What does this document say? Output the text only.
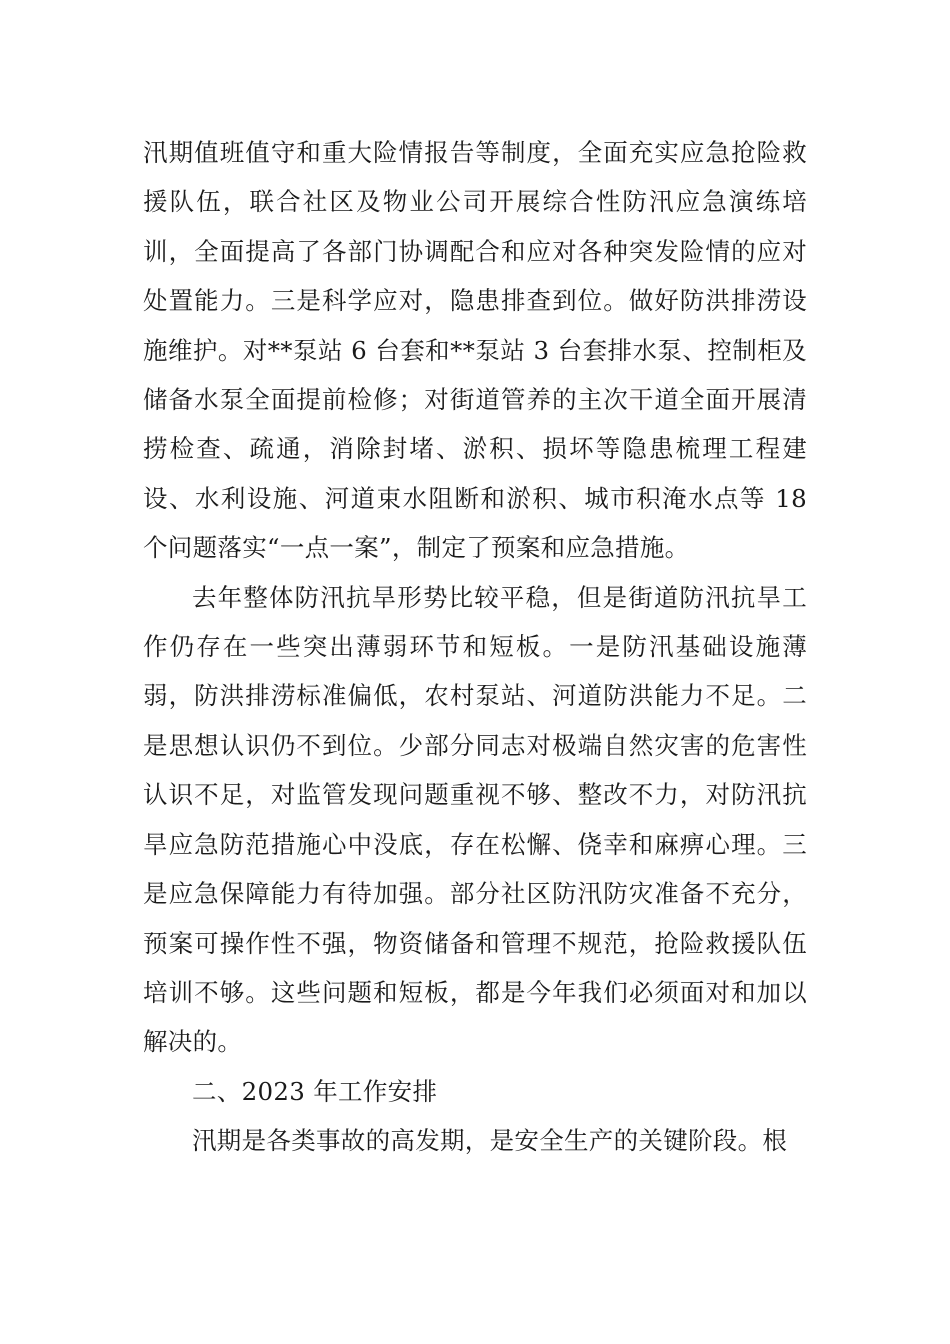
汛期值班值守和重大险情报告等制度，全面充实应急抢险救援队伍，联合社区及物业公司开展综合性防汛应急演练培训，全面提高了各部门协调配合和应对各种突发险情的应对处置能力。三是科学应对，隐患排查到位。做好防洪排涝设施维护。对**泵站 6 台套和**泵站 3 台套排水泵、控制柜及储备水泵全面提前检修；对街道管养的主次干道全面开展清捞检查、疏通，消除封堵、淤积、损坏等隐患梳理工程建设、水利设施、河道束水阻断和淤积、城市积淹水点等 18 个问题落实“一点一案”，制定了预案和应急措施。

去年整体防汛抗旱形势比较平稳，但是街道防汛抗旱工作仍存在一些突出薄弱环节和短板。一是防汛基础设施薄弱，防洪排涝标准偏低，农村泵站、河道防洪能力不足。二是思想认识仍不到位。少部分同志对极端自然灾害的危害性认识不足，对监管发现问题重视不够、整改不力，对防汛抗旱应急防范措施心中没底，存在松懈、侥幸和麻痹心理。三是应急保障能力有待加强。部分社区防汛防灾准备不充分，预案可操作性不强，物资储备和管理不规范，抢险救援队伍培训不够。这些问题和短板，都是今年我们必须面对和加以解决的。

二、2023 年工作安排

汛期是各类事故的高发期，是安全生产的关键阶段。根
